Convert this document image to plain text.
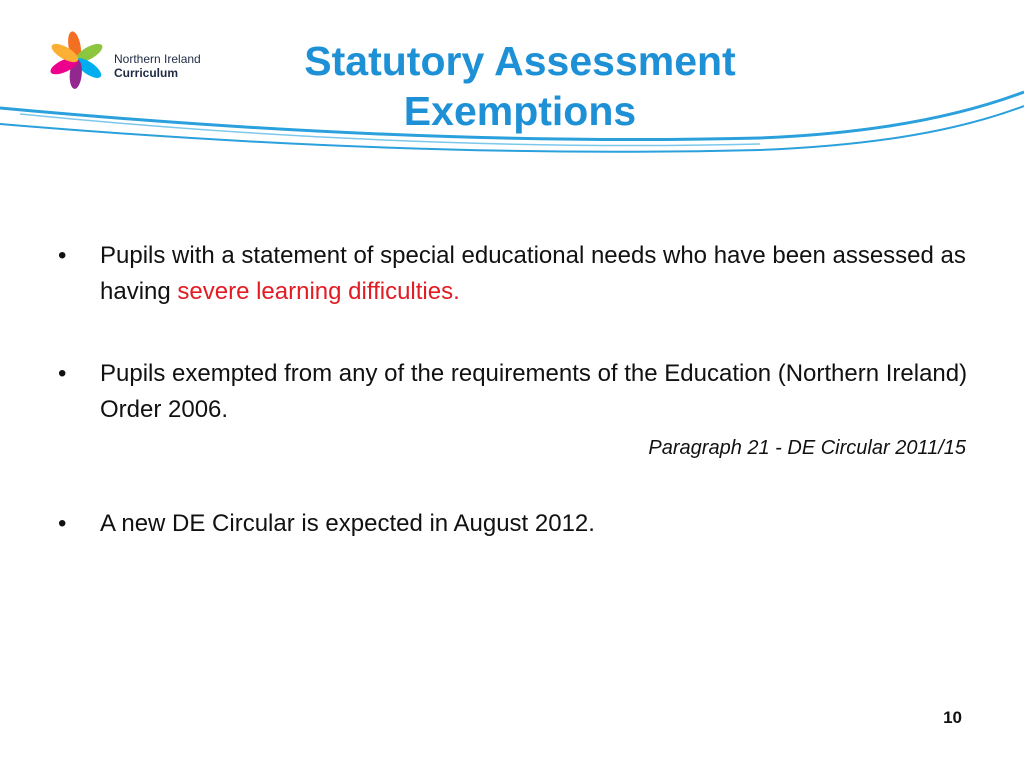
Northern Ireland
Curriculum	Statutory Assessment
Exemptions
• Pupils with a statement of special educational needs who have been assessed as having severe learning difficulties.
• Pupils exempted from any of the requirements of the Education (Northern Ireland) Order 2006.
Paragraph 21 - DE Circular 2011/15
• A new DE Circular is expected in August 2012.
10
